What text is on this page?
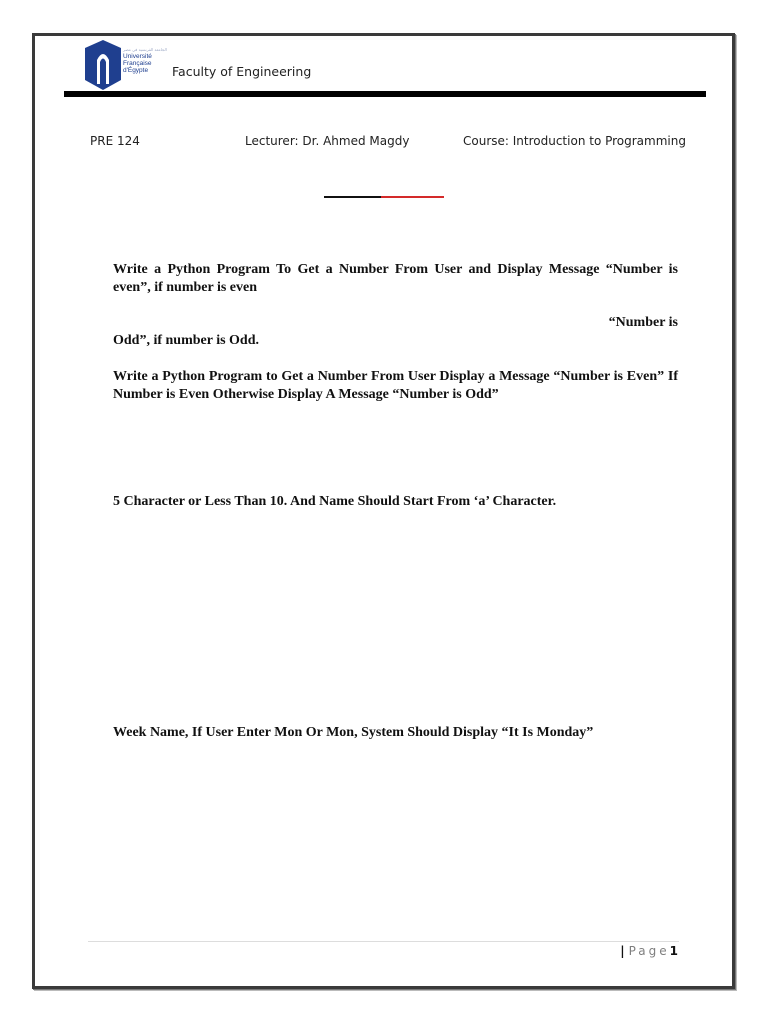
الجامعة الفرنسية في مصر
Université
Française
d'Égypte	Faculty of Engineering
PRE 124	Lecturer: Dr. Ahmed Magdy	Course: Introduction to Programming
Write a Python Program To Get a Number From User and Display Message “Number is even”, if number is even
“Number is
Odd”, if number is Odd.
Write a Python Program to Get a Number From User Display a Message “Number is Even” If Number is Even Otherwise Display A Message “Number is Odd”
5 Character or Less Than 10. And Name Should Start From ‘a’ Character.
Week Name, If User Enter Mon Or Mon, System Should Display “It Is Monday”
| Page1
